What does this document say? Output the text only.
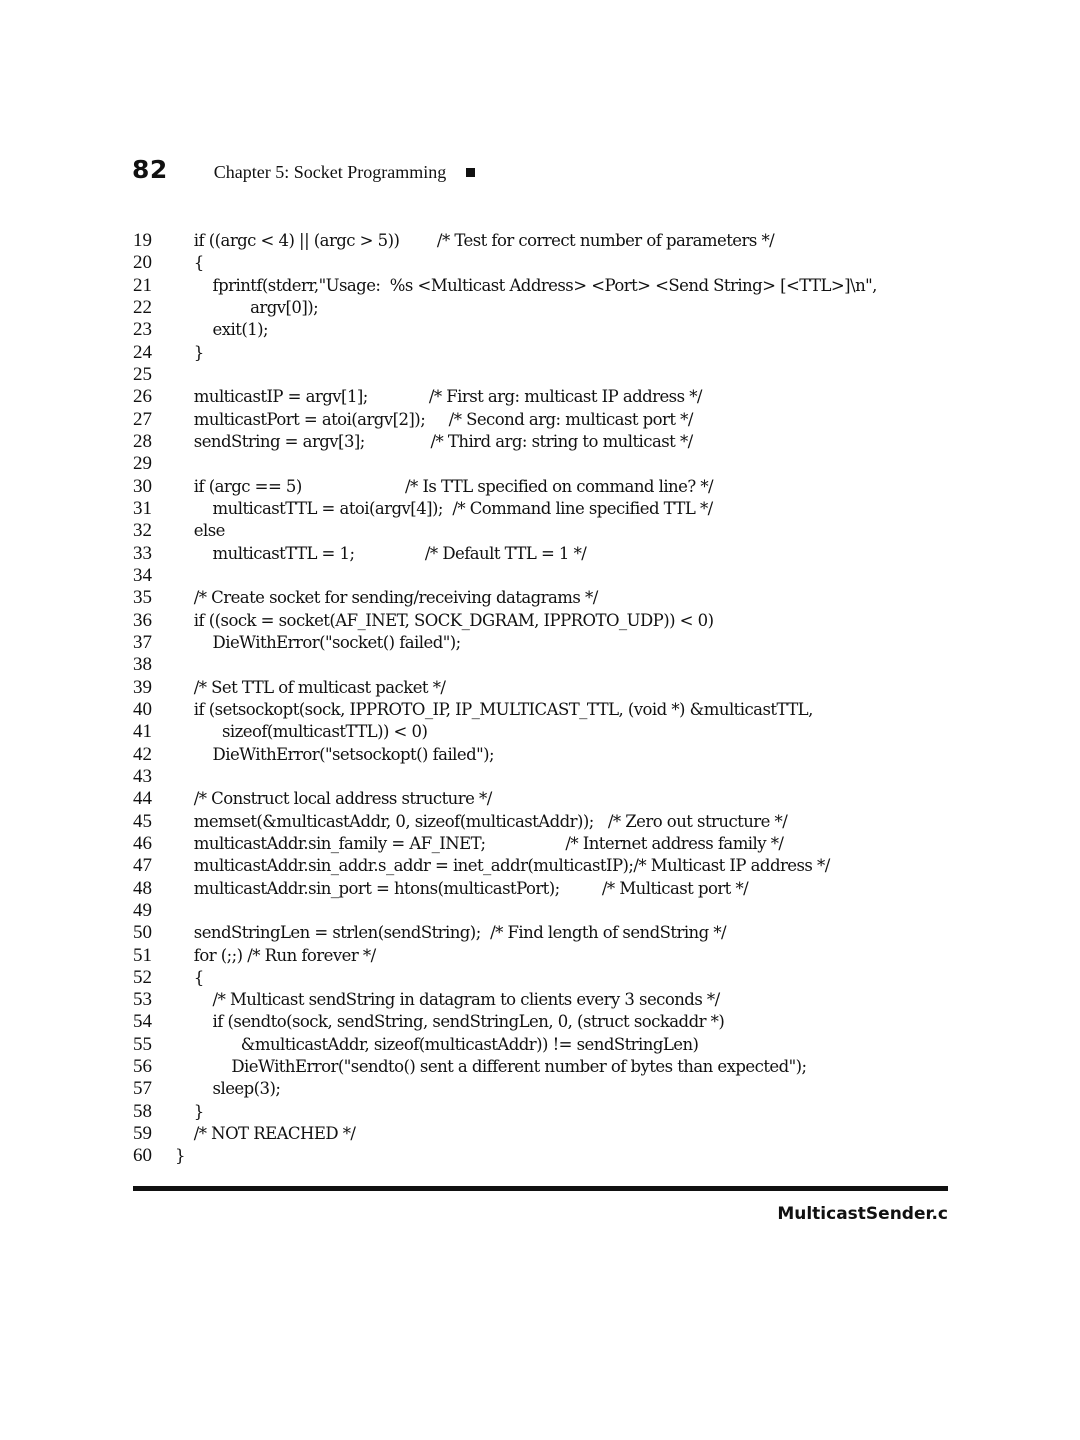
82	Chapter 5: Socket Programming
19 if ((argc < 4) || (argc > 5))        /* Test for correct number of parameters */
20 {
21 fprintf(stderr,"Usage:  %s <Multicast Address> <Port> <Send String> [<TTL>]\n",
22 argv[0]);
23 exit(1);
24 }
25
26 multicastIP = argv[1];             /* First arg: multicast IP address */
27 multicastPort = atoi(argv[2]);     /* Second arg: multicast port */
28 sendString = argv[3];              /* Third arg: string to multicast */
29
30 if (argc == 5)                      /* Is TTL specified on command line? */
31 multicastTTL = atoi(argv[4]);  /* Command line specified TTL */
32 else
33 multicastTTL = 1;               /* Default TTL = 1 */
34
35 /* Create socket for sending/receiving datagrams */
36 if ((sock = socket(AF_INET, SOCK_DGRAM, IPPROTO_UDP)) < 0)
37 DieWithError("socket() failed");
38
39 /* Set TTL of multicast packet */
40 if (setsockopt(sock, IPPROTO_IP, IP_MULTICAST_TTL, (void *) &multicastTTL,
41 sizeof(multicastTTL)) < 0)
42 DieWithError("setsockopt() failed");
43
44 /* Construct local address structure */
45 memset(&multicastAddr, 0, sizeof(multicastAddr));   /* Zero out structure */
46 multicastAddr.sin_family = AF_INET;                 /* Internet address family */
47 multicastAddr.sin_addr.s_addr = inet_addr(multicastIP);/* Multicast IP address */
48 multicastAddr.sin_port = htons(multicastPort);         /* Multicast port */
49
50 sendStringLen = strlen(sendString);  /* Find length of sendString */
51 for (;;) /* Run forever */
52 {
53 /* Multicast sendString in datagram to clients every 3 seconds */
54 if (sendto(sock, sendString, sendStringLen, 0, (struct sockaddr *)
55 &multicastAddr, sizeof(multicastAddr)) != sendStringLen)
56 DieWithError("sendto() sent a different number of bytes than expected");
57 sleep(3);
58 }
59 /* NOT REACHED */
60 }
MulticastSender.c
